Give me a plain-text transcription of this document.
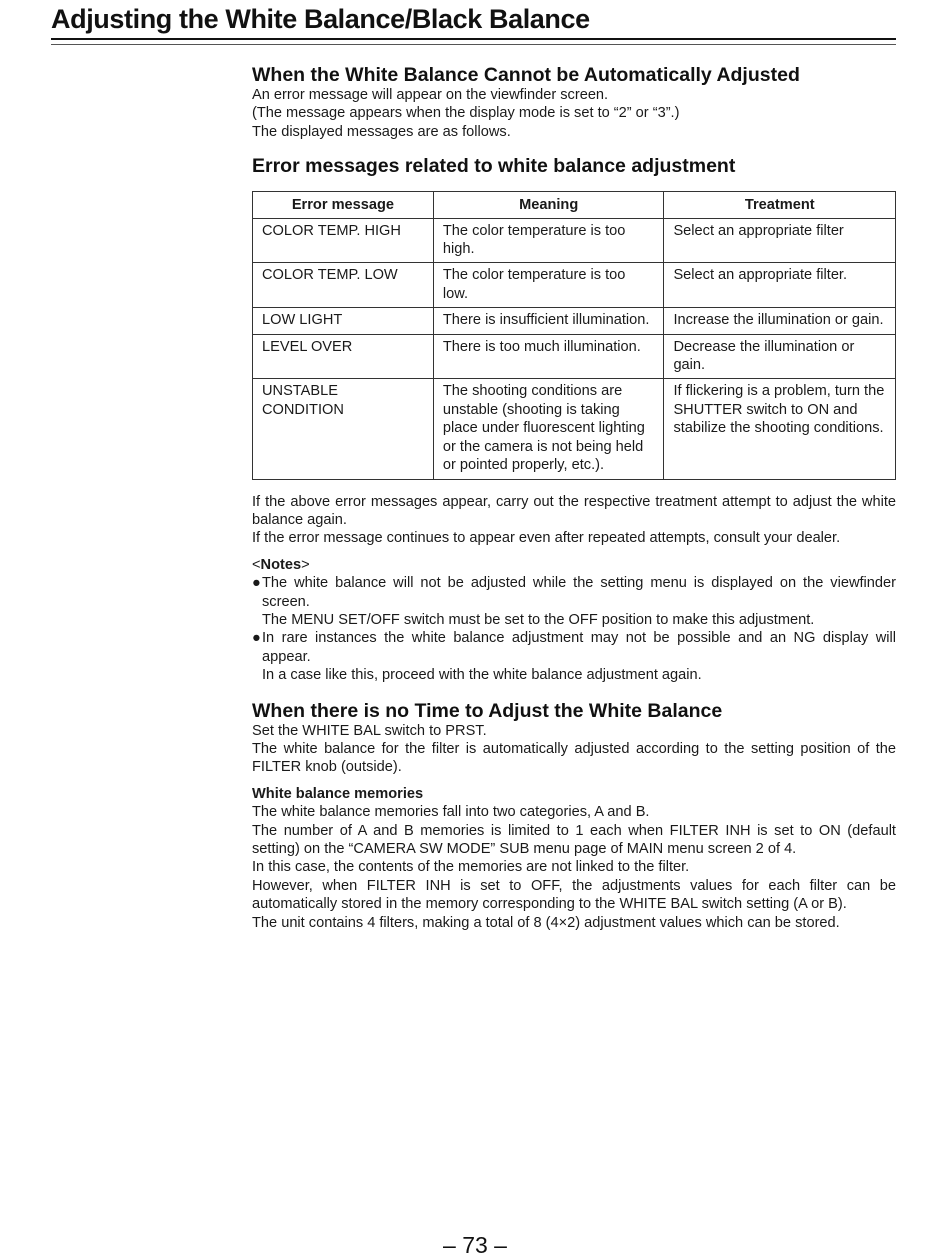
Adjusting the White Balance/Black Balance
When the White Balance Cannot be Automatically Adjusted
An error message will appear on the viewfinder screen.
(The message appears when the display mode is set to “2” or “3”.)
The displayed messages are as follows.
Error messages related to white balance adjustment
Error message	Meaning	Treatment
COLOR TEMP. HIGH	The color temperature is too high.	Select an appropriate filter
COLOR TEMP. LOW	The color temperature is too low.	Select an appropriate filter.
LOW LIGHT	There is insufficient illumination.	Increase the illumination or gain.
LEVEL OVER	There is too much illumination.	Decrease the illumination or gain.
UNSTABLE CONDITION	The shooting conditions are unstable (shooting is taking place under fluorescent lighting or the camera is not being held or pointed properly, etc.).	If flickering is a problem, turn the SHUTTER switch to ON and stabilize the shooting conditions.
If the above error messages appear, carry out the respective treatment attempt to adjust the white balance again.
If the error message continues to appear even after repeated attempts, consult your dealer.
<Notes>
● The white balance will not be adjusted while the setting menu is displayed on the viewfinder screen.
The MENU SET/OFF switch must be set to the OFF position to make this adjustment.
● In rare instances the white balance adjustment may not be possible and an NG display will appear.
In a case like this, proceed with the white balance adjustment again.
When there is no Time to Adjust the White Balance
Set the WHITE BAL switch to PRST.
The white balance for the filter is automatically adjusted according to the setting position of the FILTER knob (outside).
White balance memories
The white balance memories fall into two categories, A and B.
The number of A and B memories is limited to 1 each when FILTER INH is set to ON (default setting) on the “CAMERA SW MODE” SUB menu page of MAIN menu screen 2 of 4.
In this case, the contents of the memories are not linked to the filter.
However, when FILTER INH is set to OFF, the adjustments values for each filter can be automatically stored in the memory corresponding to the WHITE BAL switch setting (A or B).
The unit contains 4 filters, making a total of 8 (4×2) adjustment values which can be stored.
– 73 –
